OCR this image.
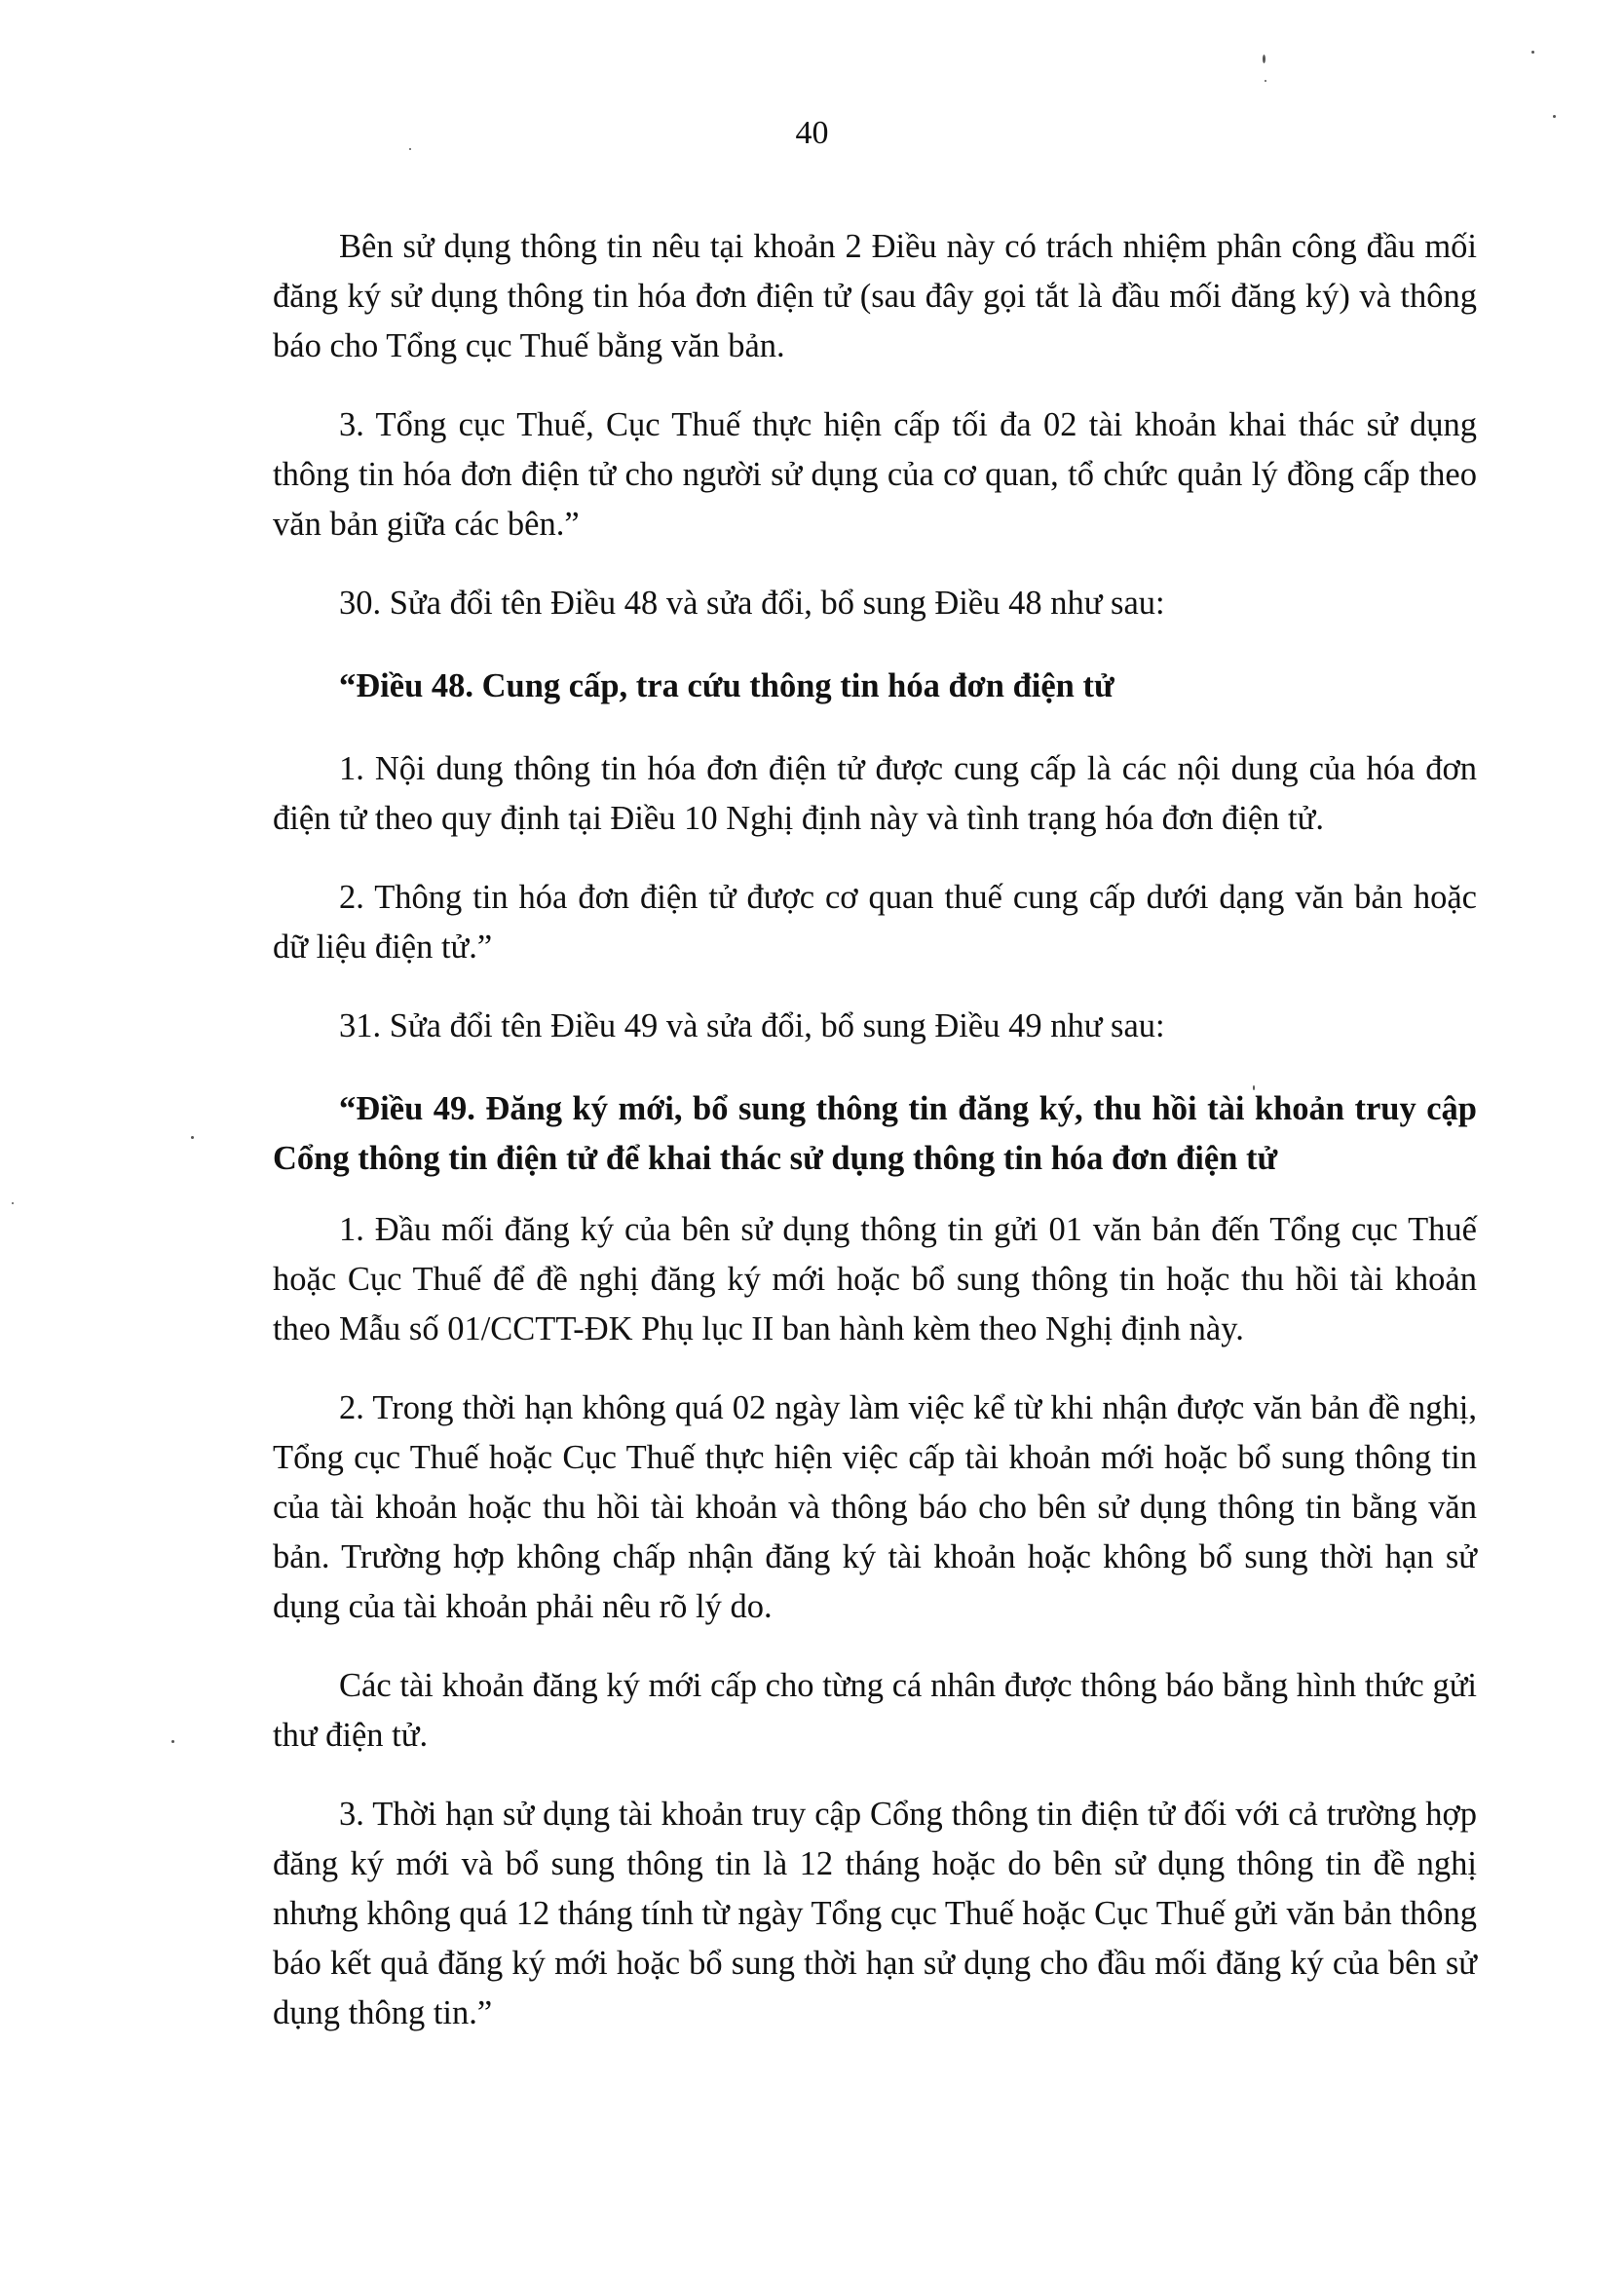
40

Bên sử dụng thông tin nêu tại khoản 2 Điều này có trách nhiệm phân công đầu mối đăng ký sử dụng thông tin hóa đơn điện tử (sau đây gọi tắt là đầu mối đăng ký) và thông báo cho Tổng cục Thuế bằng văn bản.

3. Tổng cục Thuế, Cục Thuế thực hiện cấp tối đa 02 tài khoản khai thác sử dụng thông tin hóa đơn điện tử cho người sử dụng của cơ quan, tổ chức quản lý đồng cấp theo văn bản giữa các bên.”

30. Sửa đổi tên Điều 48 và sửa đổi, bổ sung Điều 48 như sau:

“Điều 48. Cung cấp, tra cứu thông tin hóa đơn điện tử

1. Nội dung thông tin hóa đơn điện tử được cung cấp là các nội dung của hóa đơn điện tử theo quy định tại Điều 10 Nghị định này và tình trạng hóa đơn điện tử.

2. Thông tin hóa đơn điện tử được cơ quan thuế cung cấp dưới dạng văn bản hoặc dữ liệu điện tử.”

31. Sửa đổi tên Điều 49 và sửa đổi, bổ sung Điều 49 như sau:

“Điều 49. Đăng ký mới, bổ sung thông tin đăng ký, thu hồi tài khoản truy cập Cổng thông tin điện tử để khai thác sử dụng thông tin hóa đơn điện tử

1. Đầu mối đăng ký của bên sử dụng thông tin gửi 01 văn bản đến Tổng cục Thuế hoặc Cục Thuế để đề nghị đăng ký mới hoặc bổ sung thông tin hoặc thu hồi tài khoản theo Mẫu số 01/CCTT-ĐK Phụ lục II ban hành kèm theo Nghị định này.

2. Trong thời hạn không quá 02 ngày làm việc kể từ khi nhận được văn bản đề nghị, Tổng cục Thuế hoặc Cục Thuế thực hiện việc cấp tài khoản mới hoặc bổ sung thông tin của tài khoản hoặc thu hồi tài khoản và thông báo cho bên sử dụng thông tin bằng văn bản. Trường hợp không chấp nhận đăng ký tài khoản hoặc không bổ sung thời hạn sử dụng của tài khoản phải nêu rõ lý do.

Các tài khoản đăng ký mới cấp cho từng cá nhân được thông báo bằng hình thức gửi thư điện tử.

3. Thời hạn sử dụng tài khoản truy cập Cổng thông tin điện tử đối với cả trường hợp đăng ký mới và bổ sung thông tin là 12 tháng hoặc do bên sử dụng thông tin đề nghị nhưng không quá 12 tháng tính từ ngày Tổng cục Thuế hoặc Cục Thuế gửi văn bản thông báo kết quả đăng ký mới hoặc bổ sung thời hạn sử dụng cho đầu mối đăng ký của bên sử dụng thông tin.”
